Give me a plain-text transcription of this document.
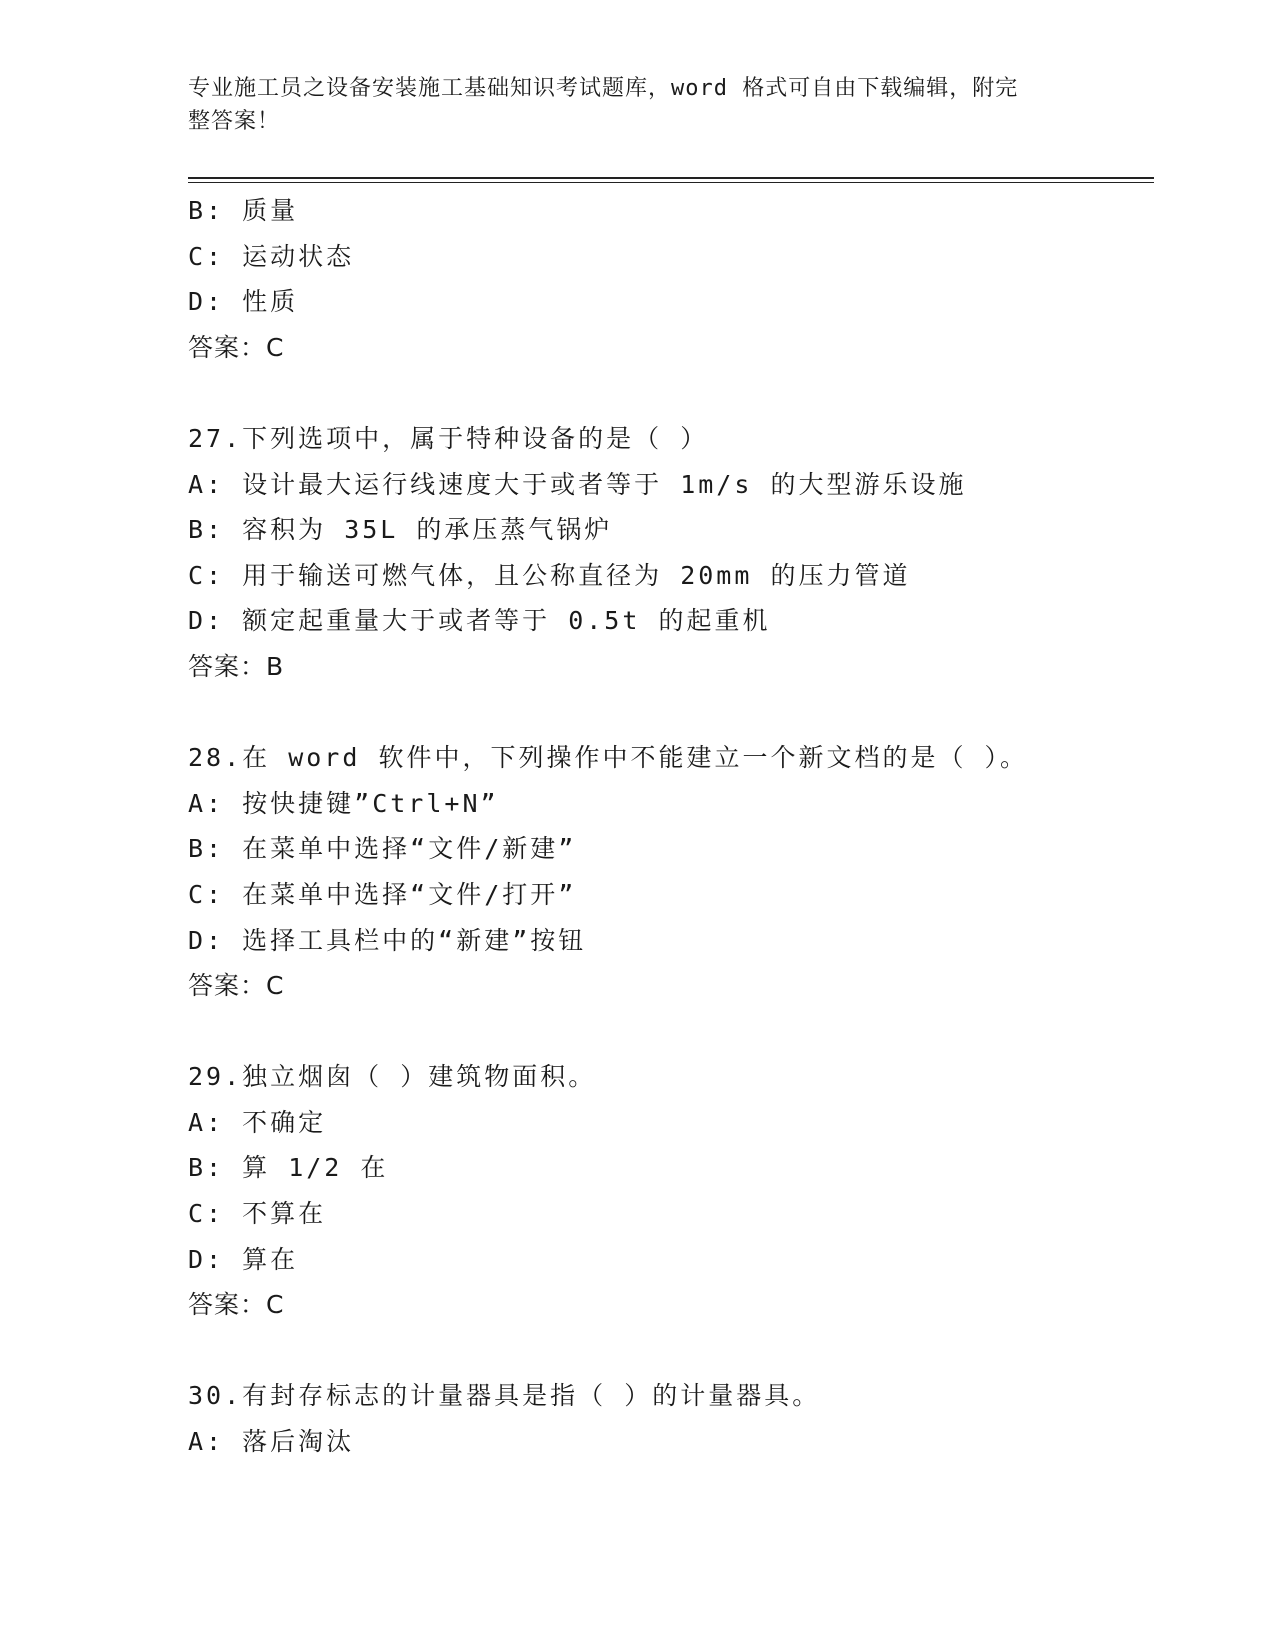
专业施工员之设备安装施工基础知识考试题库，word 格式可自由下载编辑，附完
整答案！
B: 质量
C: 运动状态
D: 性质
答案：C
27.下列选项中，属于特种设备的是（ ）
A: 设计最大运行线速度大于或者等于 1m/s 的大型游乐设施
B: 容积为 35L 的承压蒸气锅炉
C: 用于输送可燃气体，且公称直径为 20mm 的压力管道
D: 额定起重量大于或者等于 0.5t 的起重机
答案：B
28.在 word 软件中，下列操作中不能建立一个新文档的是（ ）。
A: 按快捷键”Ctrl+N”
B: 在菜单中选择“文件/新建”
C: 在菜单中选择“文件/打开”
D: 选择工具栏中的“新建”按钮
答案：C
29.独立烟囱（ ）建筑物面积。
A: 不确定
B: 算 1/2 在
C: 不算在
D: 算在
答案：C
30.有封存标志的计量器具是指（ ）的计量器具。
A: 落后淘汰
